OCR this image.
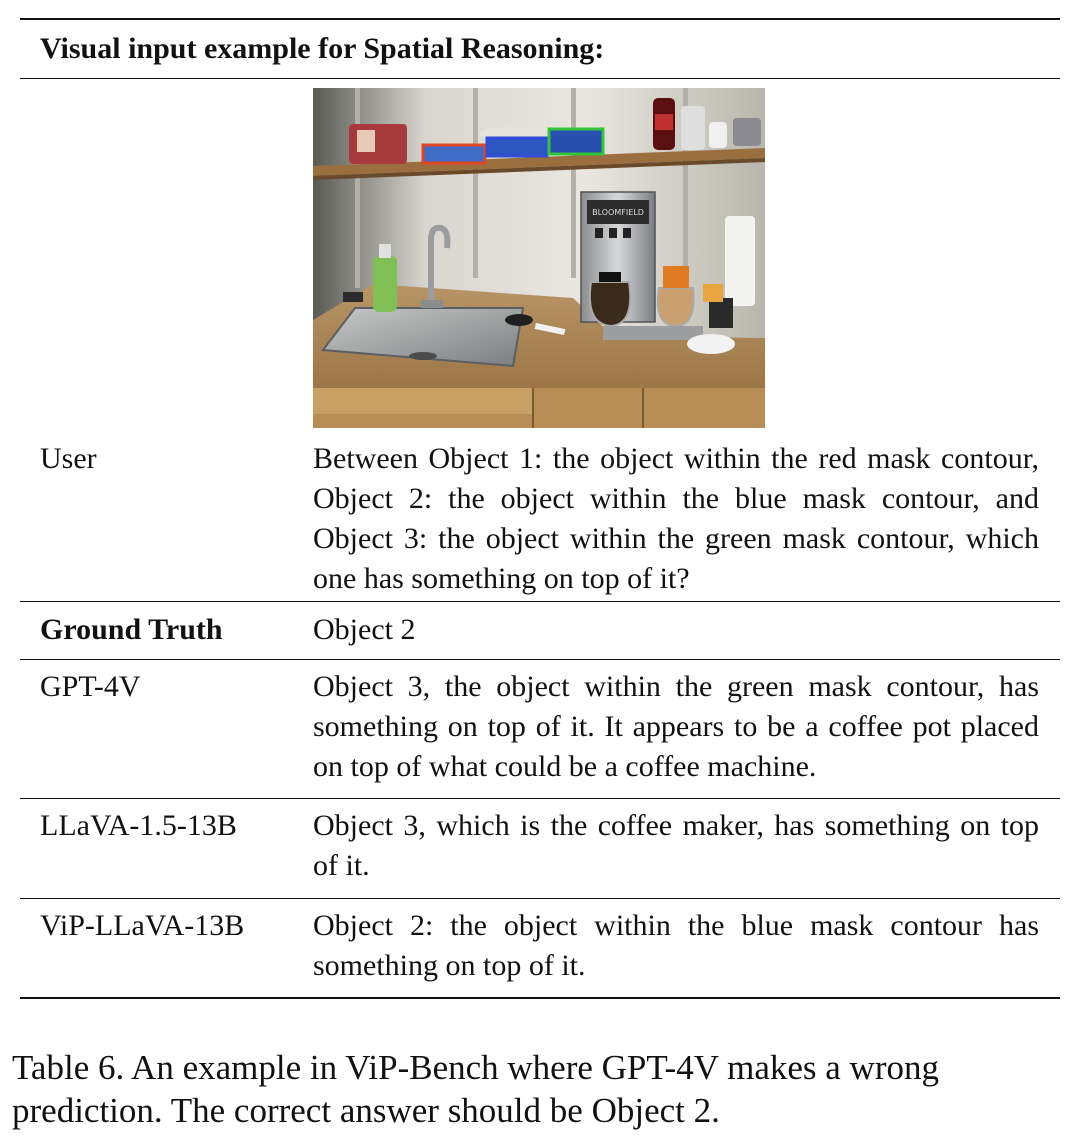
Visual input example for Spatial Reasoning:
BLOOMFIELD
User	Between Object 1: the object within the red mask contour, Object 2: the object within the blue mask contour, and Object 3: the object within the green mask contour, which one has something on top of it?
Ground Truth	Object 2
GPT-4V	Object 3, the object within the green mask contour, has something on top of it. It appears to be a coffee pot placed on top of what could be a coffee machine.
LLaVA-1.5-13B	Object 3, which is the coffee maker, has something on top of it.
ViP-LLaVA-13B	Object 2: the object within the blue mask contour has something on top of it.
Table 6. An example in ViP-Bench where GPT-4V makes a wrong prediction. The correct answer should be Object 2.
